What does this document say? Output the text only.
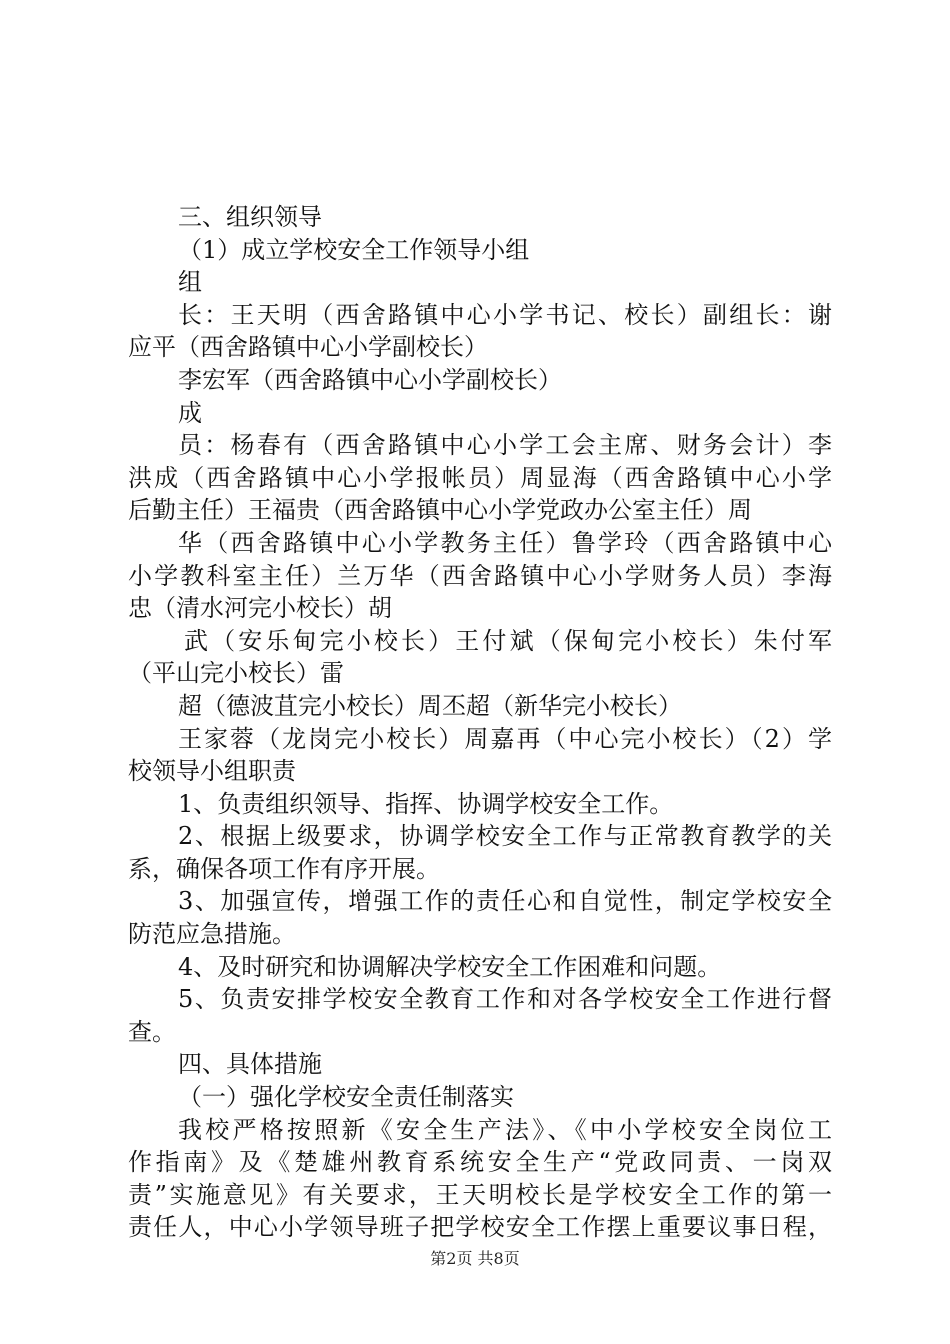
三、组织领导
（1）成立学校安全工作领导小组
组
长：王天明（西舍路镇中心小学书记、校长）副组长：谢
应平（西舍路镇中心小学副校长）
李宏军（西舍路镇中心小学副校长）
成
员：杨春有（西舍路镇中心小学工会主席、财务会计）李
洪成（西舍路镇中心小学报帐员）周显海（西舍路镇中心小学
后勤主任）王福贵（西舍路镇中心小学党政办公室主任）周
华（西舍路镇中心小学教务主任）鲁学玲（西舍路镇中心
小学教科室主任）兰万华（西舍路镇中心小学财务人员）李海
忠（清水河完小校长）胡
武（安乐甸完小校长）王付斌（保甸完小校长）朱付军
（平山完小校长）雷
超（德波苴完小校长）周丕超（新华完小校长）
王家蓉（龙岗完小校长）周嘉再（中心完小校长）（2）学
校领导小组职责
1、负责组织领导、指挥、协调学校安全工作。
2、根据上级要求，协调学校安全工作与正常教育教学的关
系，确保各项工作有序开展。
3、加强宣传，增强工作的责任心和自觉性，制定学校安全
防范应急措施。
4、及时研究和协调解决学校安全工作困难和问题。
5、负责安排学校安全教育工作和对各学校安全工作进行督
查。
四、具体措施
（一）强化学校安全责任制落实
我校严格按照新《安全生产法》、《中小学校安全岗位工
作指南》及《楚雄州教育系统安全生产“党政同责、一岗双
责”实施意见》有关要求，王天明校长是学校安全工作的第一
责任人，中心小学领导班子把学校安全工作摆上重要议事日程，
第2页 共8页
